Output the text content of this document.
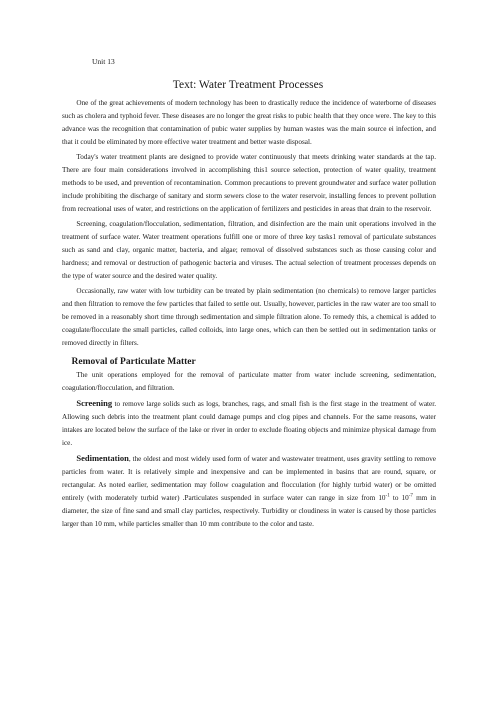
Unit 13
Text: Water Treatment Processes

One of the great achievements of modern technology has been to drastically reduce the incidence of waterborne of diseases such as cholera and typhoid fever. These diseases are no longer the great risks to pubic health that they once were. The key to this advance was the recognition that contamination of pubic water supplies by human wastes was the main source ei infection, and that it could be eliminated by more effective water treatment and better waste disposal.

Today's water treatment plants are designed to provide water continuously that meets drinking water standards at the tap. There are four main considerations involved in accomplishing this1 source selection, protection of water quality, treatment methods to be used, and prevention of recontamination. Common precautions to prevent groundwater and surface water pollution include prohibiting the discharge of sanitary and storm sewers close to the water reservoir, installing fences to prevent pollution from recreational uses of water, and restrictions on the application of fertilizers and pesticides in areas that drain to the reservoir.

Screening, coagulation/flocculation, sedimentation, filtration, and disinfection are the main unit operations involved in the treatment of surface water. Water treatment operations fulfill one or more of three key tasks1 removal of particulate substances such as sand and clay, organic matter, bacteria, and algae; removal of dissolved substances such as those causing color and hardness; and removal or destruction of pathogenic bacteria and viruses. The actual selection of treatment processes depends on the type of water source and the desired water quality.

Occasionally, raw water with low turbidity can be treated by plain sedimentation (no chemicals) to remove larger particles and then filtration to remove the few particles that failed to settle out. Usually, however, particles in the raw water are too small to be removed in a reasonably short time through sedimentation and simple filtration alone. To remedy this, a chemical is added to coagulate/flocculate the small particles, called colloids, into large ones, which can then be settled out in sedimentation tanks or removed directly in filters.

Removal of Particulate Matter

The unit operations employed for the removal of particulate matter from water include screening, sedimentation, coagulation/flocculation, and filtration.

Screening to remove large solids such as logs, branches, rags, and small fish is the first stage in the treatment of water. Allowing such debris into the treatment plant could damage pumps and clog pipes and channels. For the same reasons, water intakes are located below the surface of the lake or river in order to exclude floating objects and minimize physical damage from ice.

Sedimentation, the oldest and most widely used form of water and wastewater treatment, uses gravity settling to remove particles from water. It is relatively simple and inexpensive and can be implemented in basins that are round, square, or rectangular. As noted earlier, sedimentation may follow coagulation and flocculation (for highly turbid water) or be omitted entirely (with moderately turbid water) .Particulates suspended in surface water can range in size from $10^{-1}$ to $10^{-7}$ mm in diameter, the size of fine sand and small clay particles, respectively. Turbidity or cloudiness in water is caused by those particles larger than 10 mm, while particles smaller than 10 mm contribute to the color and taste.
